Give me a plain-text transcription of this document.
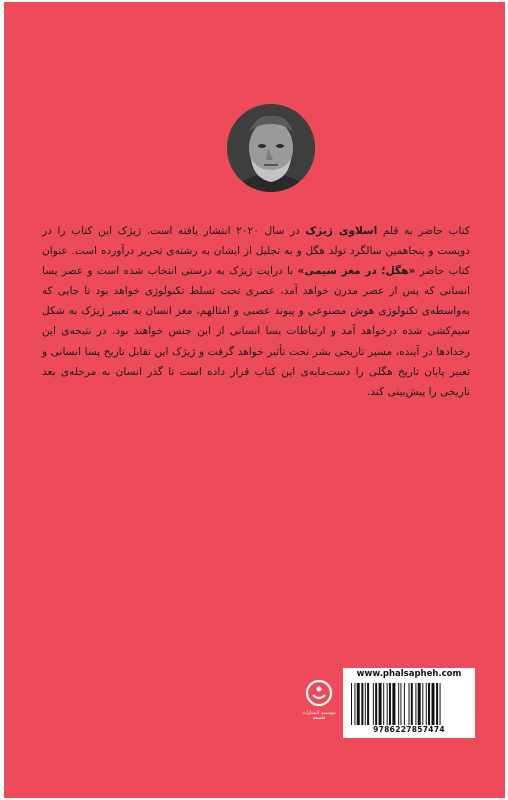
کتاب حاضر به قلم اسلاوی ژیژک در سال ۲۰۲۰ انتشار یافته است. ژیژک این کتاب را در دویست و پنجاهمین سالگرد تولد هگل و به تجلیل از ایشان به رشته‌ی تحریر درآورده است. عنوان کتاب حاضر «هگل؛ در مغز سیمی» با درایت ژیژک به درستی انتخاب شده است و عصر پسا انسانی که پس از عصر مدرن خواهد آمد، عصری تحت تسلط تکنولوژی خواهد بود تا جایی که به‌واسطه‌ی تکنولوژی هوش مصنوعی و پیوند عصبی و امثالهم، مغز انسان به تعبیر ژیژک به شکل سیم‌کشی شده درخواهد آمد و ارتباطات پسا انسانی از این جنس خواهند بود. در نتیجه‌ی این رخدادها در آینده، مسیر تاریخی بشر تحت تأثیر خواهد گرفت و ژیژک این تقابل تاریخ پسا انسانی و تعبیر پایان تاریخ هگلی را دست‌مایه‌ی این کتاب قرار داده است تا گذر انسان به مرحله‌ی بعد تاریخی را پیش‌بینی کند.
موسسه انتشارات فلسفه
www.phalsapheh.com
9786227857474
